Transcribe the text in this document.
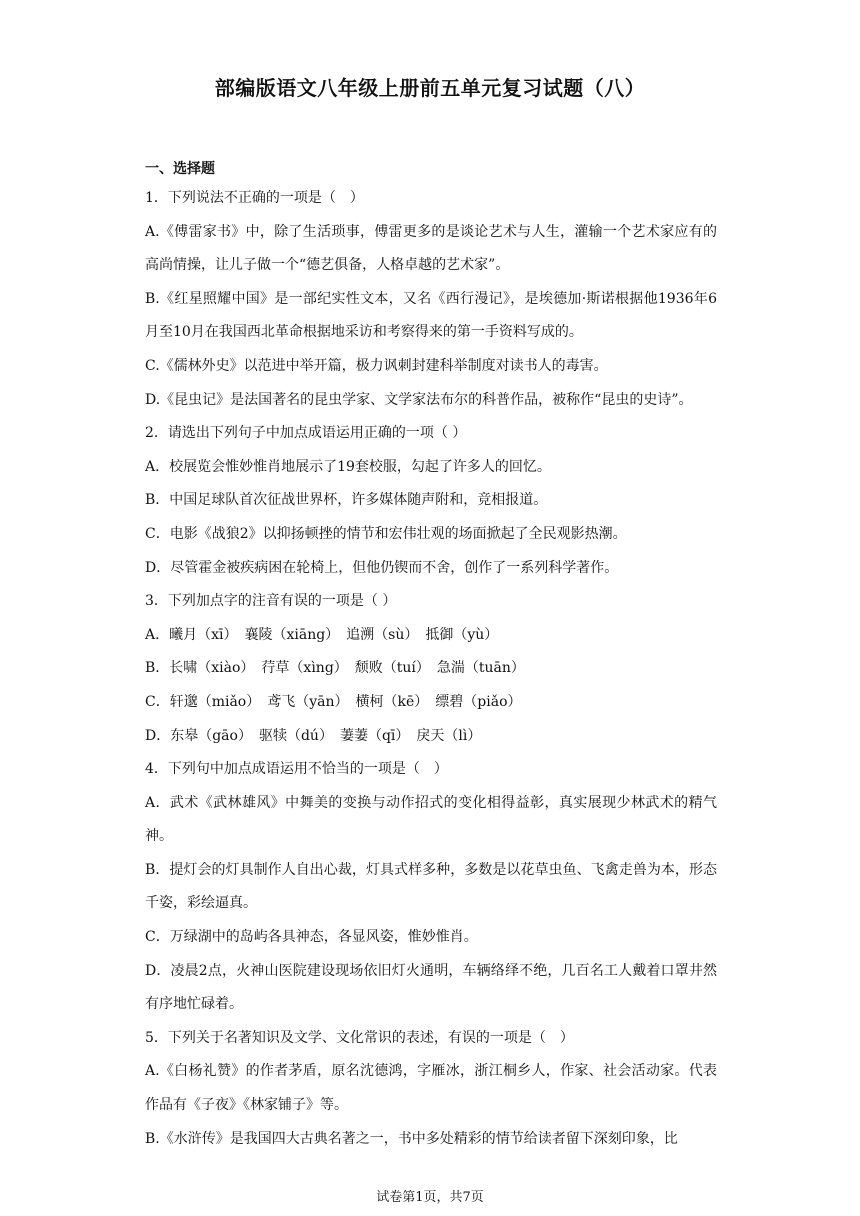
部编版语文八年级上册前五单元复习试题（八）
一、选择题

1．下列说法不正确的一项是（　）

A.《傅雷家书》中，除了生活琐事，傅雷更多的是谈论艺术与人生，灌输一个艺术家应有的高尚情操，让儿子做一个“德艺俱备，人格卓越的艺术家”。

B.《红星照耀中国》是一部纪实性文本，又名《西行漫记》，是埃德加·斯诺根据他1936年6月至10月在我国西北革命根据地采访和考察得来的第一手资料写成的。

C.《儒林外史》以范进中举开篇，极力讽刺封建科举制度对读书人的毒害。

D.《昆虫记》是法国著名的昆虫学家、文学家法布尔的科普作品，被称作“昆虫的史诗”。

2．请选出下列句子中加点成语运用正确的一项（ ）

A．校展览会惟妙惟肖地展示了19套校服，勾起了许多人的回忆。

B．中国足球队首次征战世界杯，许多媒体随声附和，竞相报道。

C．电影《战狼2》以抑扬顿挫的情节和宏伟壮观的场面掀起了全民观影热潮。

D．尽管霍金被疾病困在轮椅上，但他仍锲而不舍，创作了一系列科学著作。

3．下列加点字的注音有误的一项是（ ）

A．曦月（xī）　襄陵（xiāng）　追溯（sù）　抵御（yù）

B．长啸（xiào）　荇草（xìng）　颓败（tuí）　急湍（tuān）

C．轩邈（miǎo）　鸢飞（yān）　横柯（kē）　缥碧（piǎo）

D．东皋（gāo）　驱犊（dú）　萋萋（qī）　戾天（lì）

4．下列句中加点成语运用不恰当的一项是（　）

A．武术《武林雄风》中舞美的变换与动作招式的变化相得益彰，真实展现少林武术的精气神。

B．提灯会的灯具制作人自出心裁，灯具式样多种，多数是以花草虫鱼、飞禽走兽为本，形态千姿，彩绘逼真。

C．万绿湖中的岛屿各具神态，各显风姿，惟妙惟肖。

D．凌晨2点，火神山医院建设现场依旧灯火通明，车辆络绎不绝，几百名工人戴着口罩井然有序地忙碌着。

5．下列关于名著知识及文学、文化常识的表述，有误的一项是（　）

A.《白杨礼赞》的作者茅盾，原名沈德鸿，字雁冰，浙江桐乡人，作家、社会活动家。代表作品有《子夜》《林家铺子》等。

B.《水浒传》是我国四大古典名著之一，书中多处精彩的情节给读者留下深刻印象，比

试卷第1页，共7页
